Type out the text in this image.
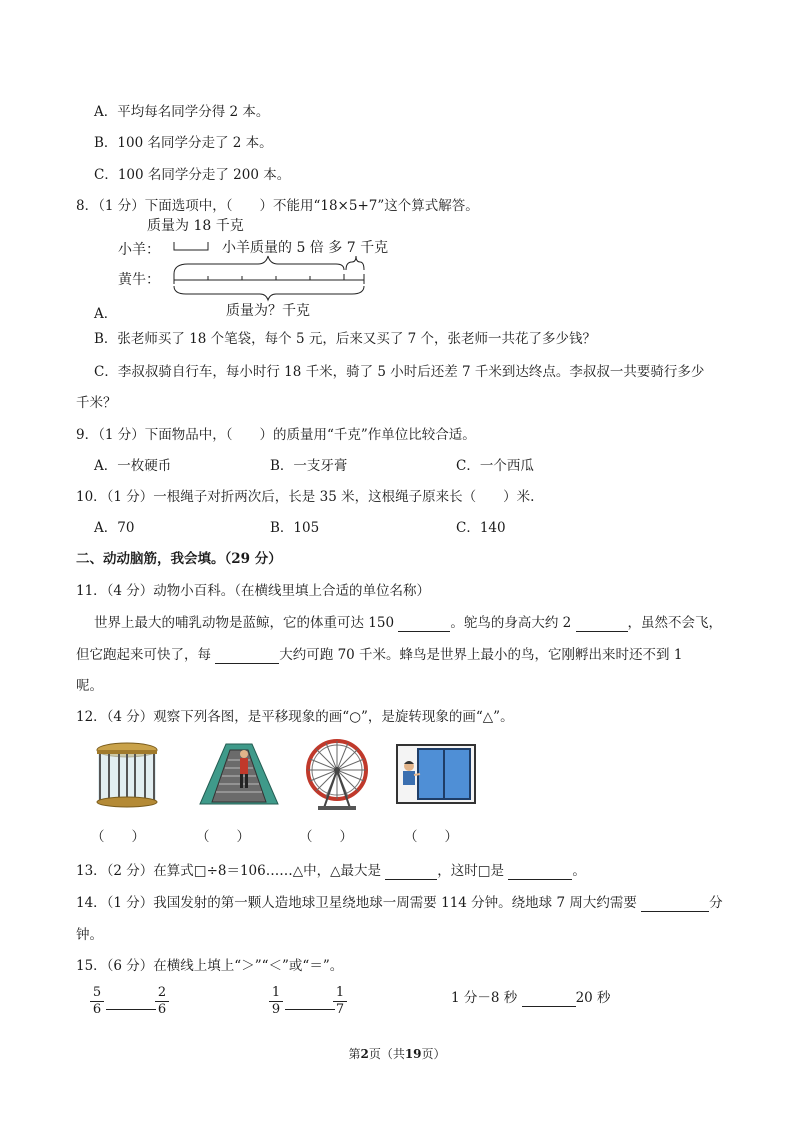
A．平均每名同学分得 2 本。
B．100 名同学分走了 2 本。
C．100 名同学分走了 200 本。
8．（1 分）下面选项中，（　　）不能用“18×5+7”这个算式解答。
质量为 18 千克
小羊：	小羊质量的 5 倍 多 7 千克
黄牛：
质量为？千克
A．
B．张老师买了 18 个笔袋，每个 5 元，后来又买了 7 个，张老师一共花了多少钱？
C．李叔叔骑自行车，每小时行 18 千米，骑了 5 小时后还差 7 千米到达终点。李叔叔一共要骑行多少
千米？
9．（1 分）下面物品中，（　　）的质量用“千克”作单位比较合适。
A．一枚硬币	B．一支牙膏	C．一个西瓜
10．（1 分）一根绳子对折两次后，长是 35 米，这根绳子原来长（　　）米.
A．70	B．105	C．140
二、动动脑筋，我会填。（29 分）
11．（4 分）动物小百科。（在横线里填上合适的单位名称）
世界上最大的哺乳动物是蓝鲸，它的体重可达 150	。鸵鸟的身高大约 2	，虽然不会飞，
但它跑起来可快了，每	大约可跑 70 千米。蜂鸟是世界上最小的鸟，它刚孵出来时还不到 1
呢。
12．（4 分）观察下列各图，是平移现象的画“○”，是旋转现象的画“△”。
（　　）	（　　）	（　　）	（　　）
13．（2 分）在算式□÷8＝106……△中，△最大是	，这时□是	。
14．（1 分）我国发射的第一颗人造地球卫星绕地球一周需要 114 分钟。绕地球 7 周大约需要	分
钟。
15．（6 分）在横线上填上“＞”“＜”或“＝”。
$\frac{5}{6}$	$\frac{2}{6}$	$\frac{1}{9}$	$\frac{1}{7}$	1 分－8 秒	20 秒
第2页（共19页）
